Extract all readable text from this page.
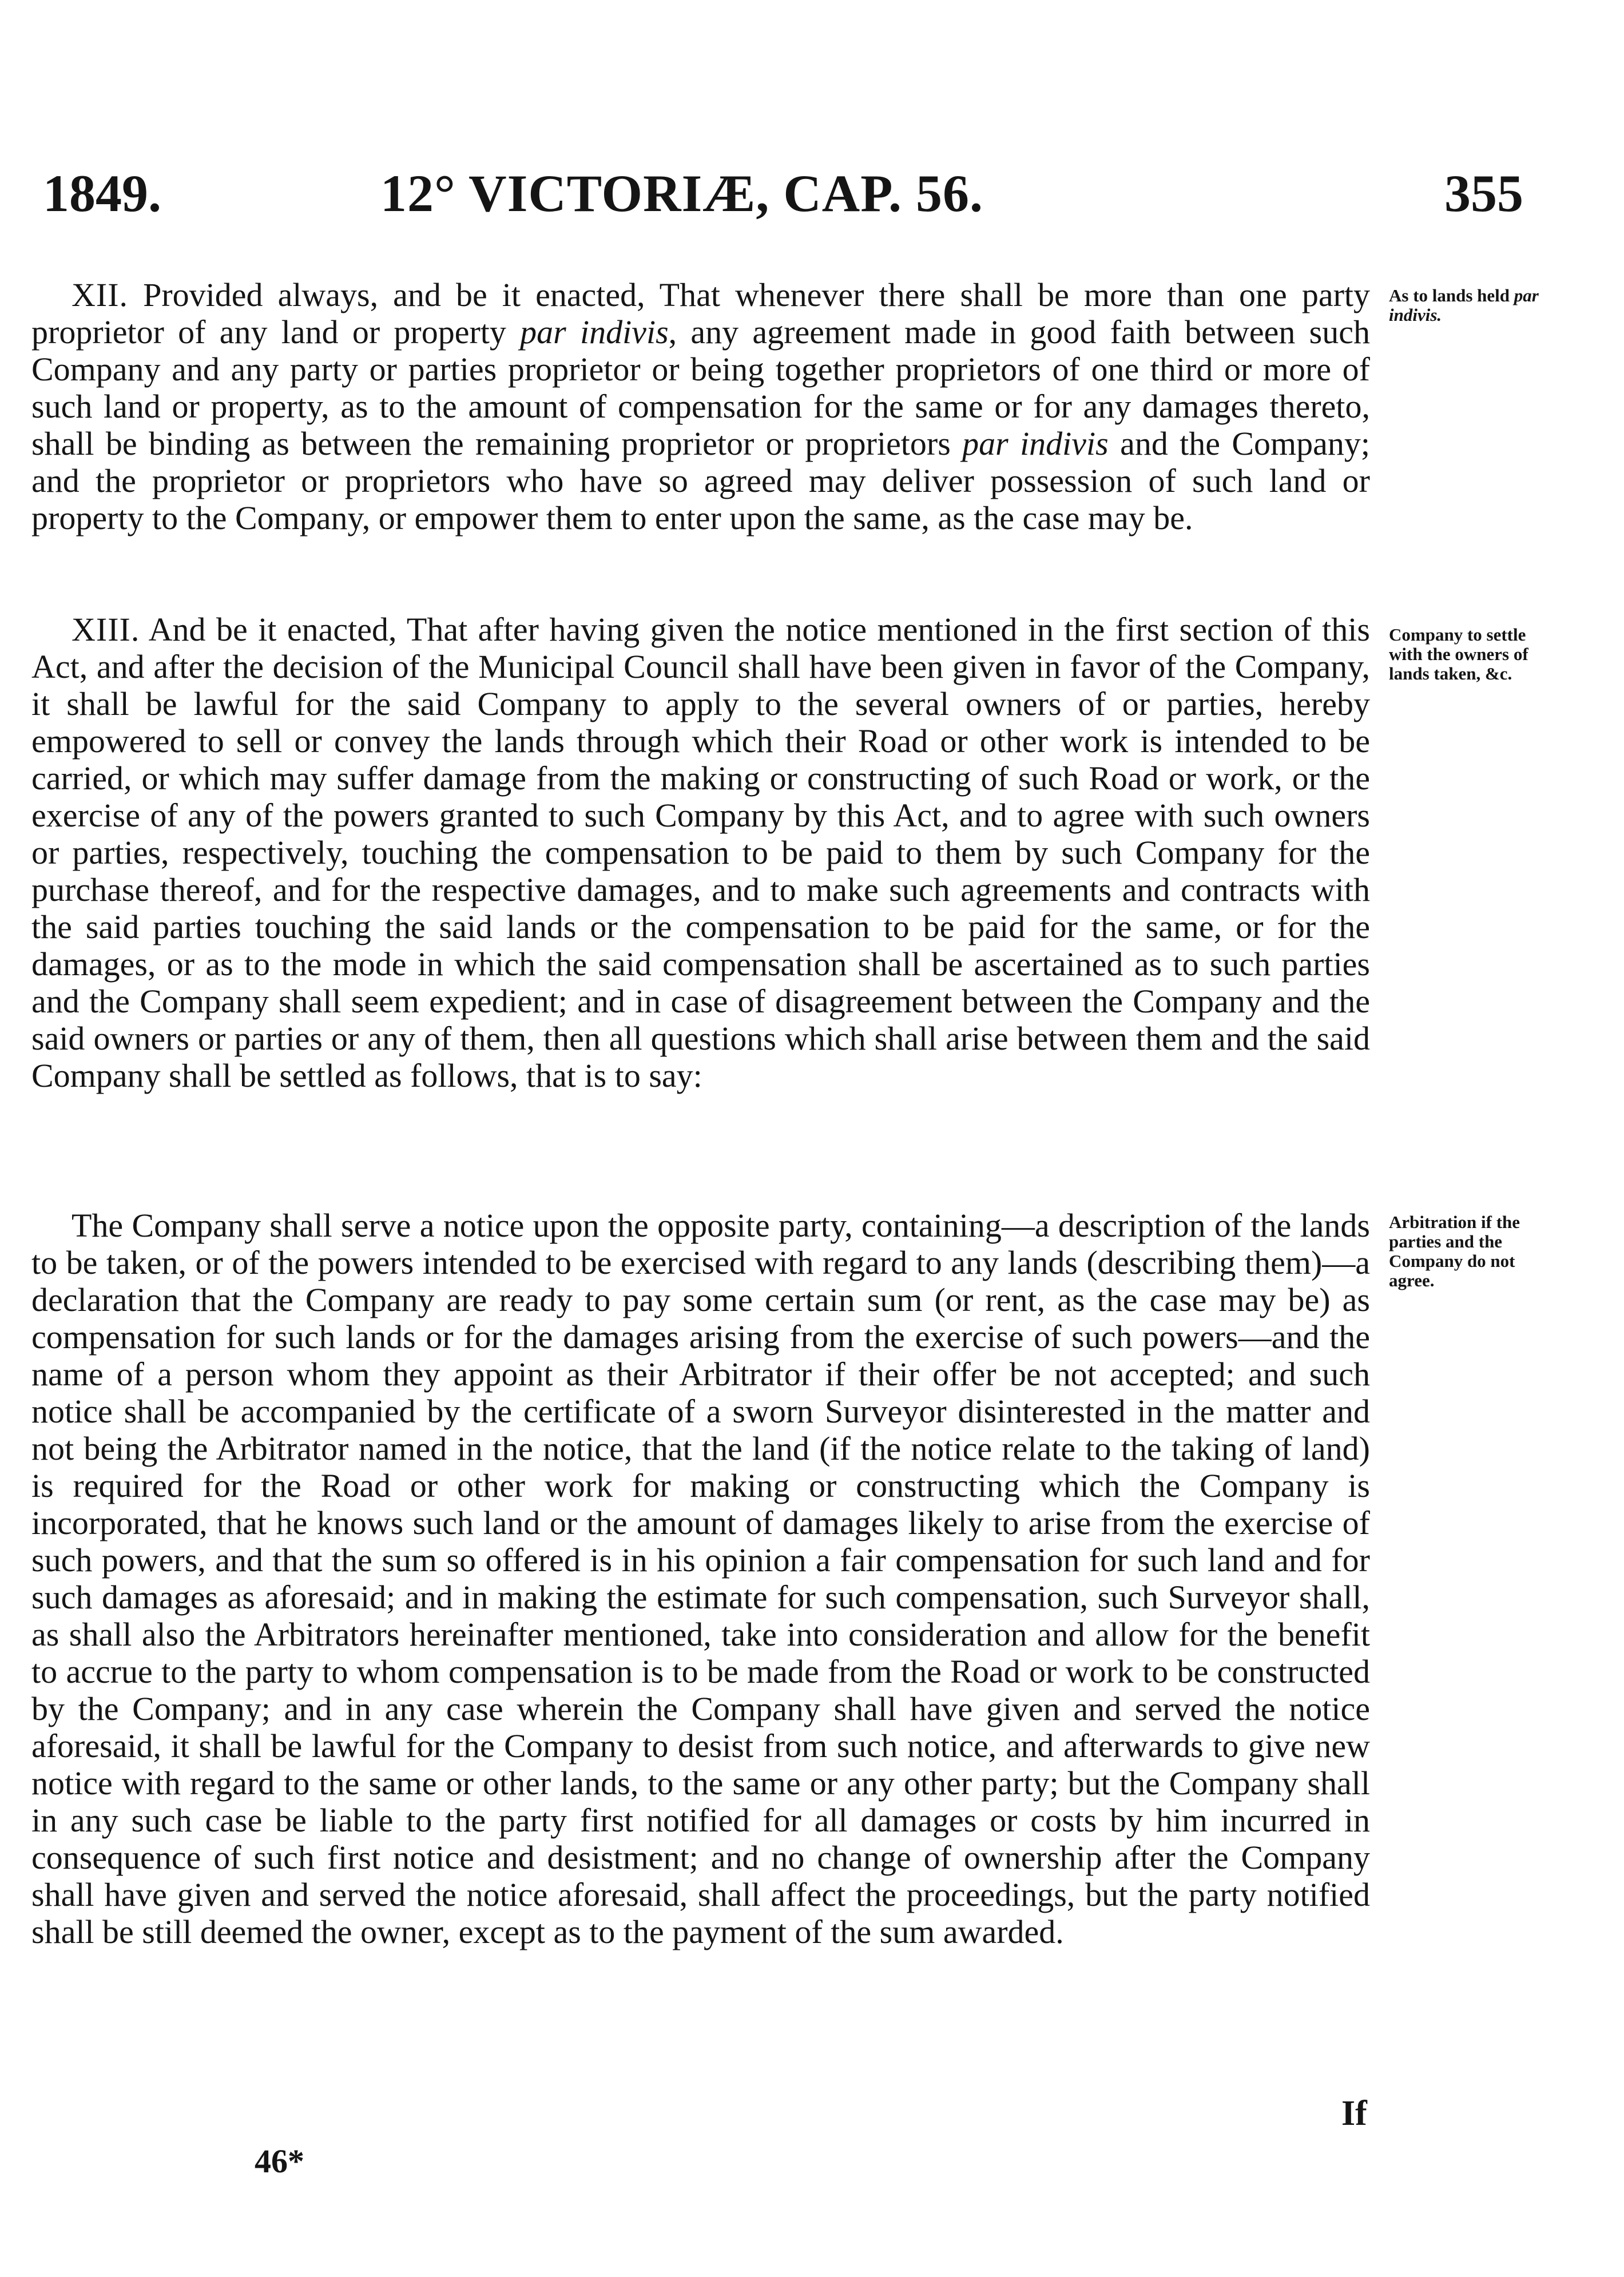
1849.	12° VICTORIÆ, CAP. 56.	355

XII. Provided always, and be it enacted, That whenever there shall be more than one party proprietor of any land or property par indivis, any agreement made in good faith between such Company and any party or parties proprietor or being together proprietors of one third or more of such land or property, as to the amount of compensation for the same or for any damages thereto, shall be binding as between the remaining proprietor or proprietors par indivis and the Company; and the proprietor or proprietors who have so agreed may deliver possession of such land or property to the Company, or empower them to enter upon the same, as the case may be.

As to lands held par indivis.

XIII. And be it enacted, That after having given the notice mentioned in the first section of this Act, and after the decision of the Municipal Council shall have been given in favor of the Company, it shall be lawful for the said Company to apply to the several owners of or parties, hereby empowered to sell or convey the lands through which their Road or other work is intended to be carried, or which may suffer damage from the making or constructing of such Road or work, or the exercise of any of the powers granted to such Company by this Act, and to agree with such owners or parties, respectively, touching the compensation to be paid to them by such Company for the purchase thereof, and for the respective damages, and to make such agreements and contracts with the said parties touching the said lands or the compensation to be paid for the same, or for the damages, or as to the mode in which the said compensation shall be ascertained as to such parties and the Company shall seem expedient; and in case of disagreement between the Company and the said owners or parties or any of them, then all questions which shall arise between them and the said Company shall be settled as follows, that is to say:

Company to settle with the owners of lands taken, &c.

The Company shall serve a notice upon the opposite party, containing—a description of the lands to be taken, or of the powers intended to be exercised with regard to any lands (describing them)—a declaration that the Company are ready to pay some certain sum (or rent, as the case may be) as compensation for such lands or for the damages arising from the exercise of such powers—and the name of a person whom they appoint as their Arbitrator if their offer be not accepted; and such notice shall be accompanied by the certificate of a sworn Surveyor disinterested in the matter and not being the Arbitrator named in the notice, that the land (if the notice relate to the taking of land) is required for the Road or other work for making or constructing which the Company is incorporated, that he knows such land or the amount of damages likely to arise from the exercise of such powers, and that the sum so offered is in his opinion a fair compensation for such land and for such damages as aforesaid; and in making the estimate for such compensation, such Surveyor shall, as shall also the Arbitrators hereinafter mentioned, take into consideration and allow for the benefit to accrue to the party to whom compensation is to be made from the Road or work to be constructed by the Company; and in any case wherein the Company shall have given and served the notice aforesaid, it shall be lawful for the Company to desist from such notice, and afterwards to give new notice with regard to the same or other lands, to the same or any other party; but the Company shall in any such case be liable to the party first notified for all damages or costs by him incurred in consequence of such first notice and desistment; and no change of ownership after the Company shall have given and served the notice aforesaid, shall affect the proceedings, but the party notified shall be still deemed the owner, except as to the payment of the sum awarded.

Arbitration if the parties and the Company do not agree.

If
46*
